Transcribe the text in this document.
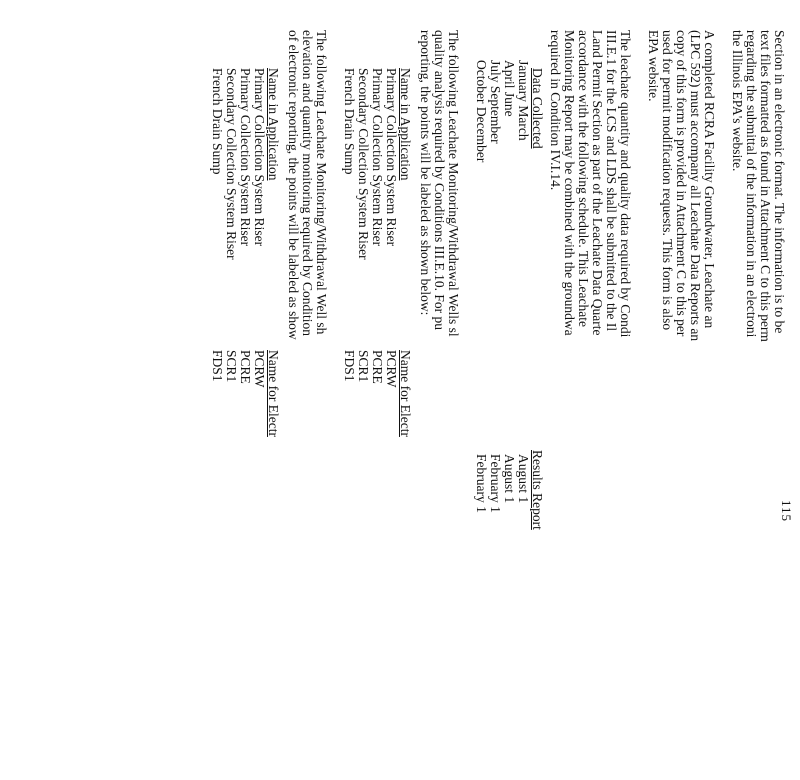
115
Section in an electronic format. The information is to be
text files formatted as found in Attachment C to this perm
regarding the submittal of the information in an electroni
the Illinois EPA's website.
A completed RCRA Facility Groundwater, Leachate an
(LPC 592) must accompany all Leachate Data Reports an
copy of this form is provided in Attachment C to this per
used for permit modification requests. This form is also
EPA website.
The leachate quantity and quality data required by Condi
III.E.1 for the LCS and LDS shall be submitted to the Il
Land Permit Section as part of the Leachate Data Quarte
accordance with the following schedule. This Leachate
Monitoring Report may be combined with the groundwa
required in Condition IV.I.14.
Data Collected
Results Report
January March
August 1
April June
August 1
July September
February 1
October December
February 1
The following Leachate Monitoring/Withdrawal Wells sl
quality analysis required by Conditions III.E.10. For pu
reporting, the points will be labeled as shown below:
Name in Application
Name for Electr
Primary Collection System Riser
PCRW
Primary Collection System Riser
PCRE
Secondary Collection System Riser
SCR1
French Drain Sump
FDS1
The following Leachate Monitoring/Withdrawal Well sh
elevation and quantity monitoring required by Condition
of electronic reporting, the points will be labeled as show
Name in Application
Name for Electr
Primary Collection System Riser
PCRW
Primary Collection System Riser
PCRE
Secondary Collection System Riser
SCR1
French Drain Sump
FDS1
